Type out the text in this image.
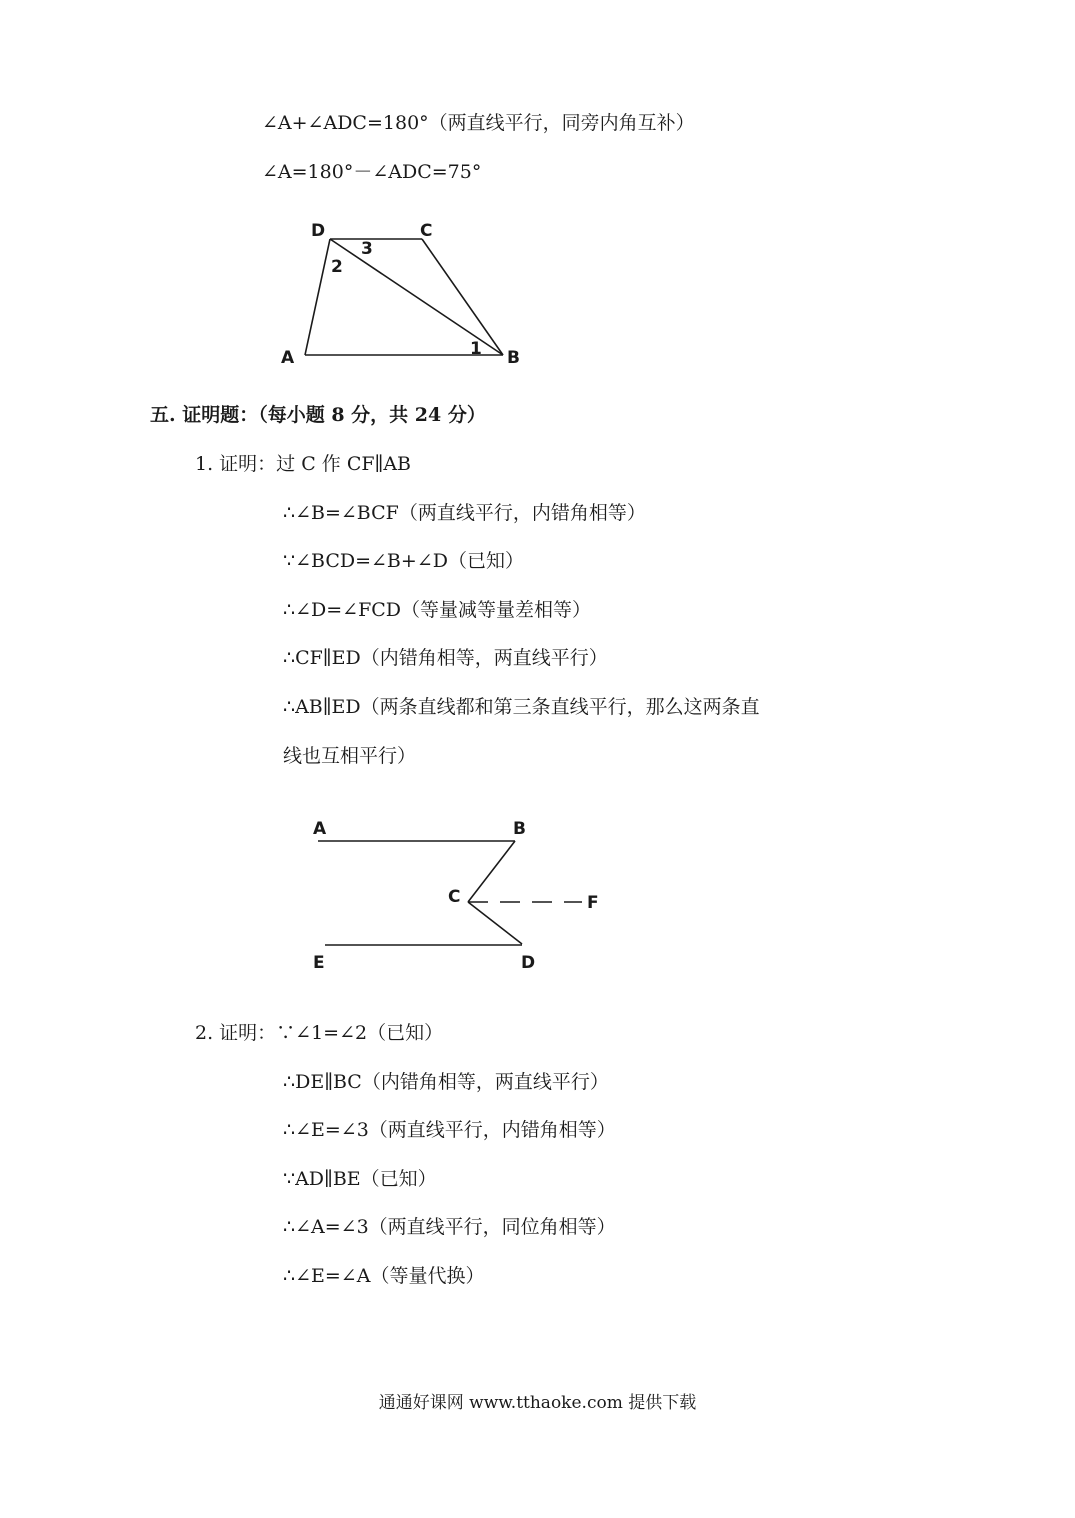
∠A+∠ADC=180°（两直线平行，同旁内角互补）
∠A=180°－∠ADC=75°
D	C
A	B
3
2
1
五. 证明题：（每小题 8 分，共 24 分）
1. 证明：过 C 作 CF∥AB
∴∠B=∠BCF（两直线平行，内错角相等）
∵∠BCD=∠B+∠D（已知）
∴∠D=∠FCD（等量减等量差相等）
∴CF∥ED（内错角相等，两直线平行）
∴AB∥ED（两条直线都和第三条直线平行，那么这两条直
线也互相平行）
A	B
C	F
E	D
2. 证明：∵∠1=∠2（已知）
∴DE∥BC（内错角相等，两直线平行）
∴∠E=∠3（两直线平行，内错角相等）
∵AD∥BE（已知）
∴∠A=∠3（两直线平行，同位角相等）
∴∠E=∠A（等量代换）
通通好课网 www.tthaoke.com 提供下载
